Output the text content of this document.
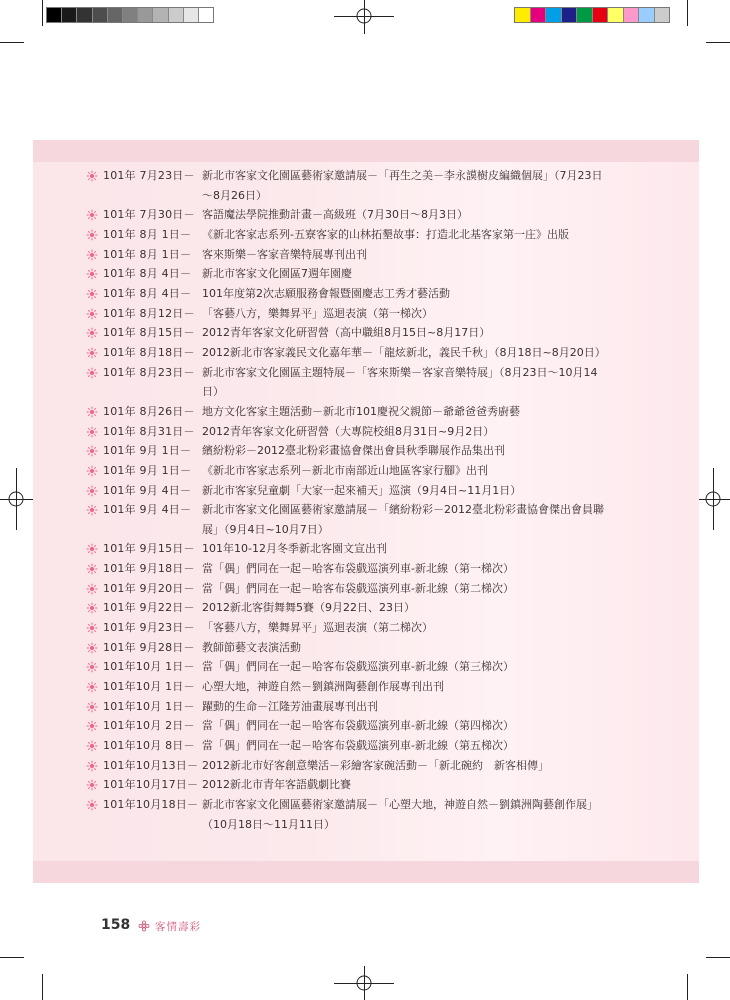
101年 7月23日－ 新北市客家文化園區藝術家邀請展－「再生之美－李永謨樹皮編織個展」（7月23日～8月26日）
101年 7月30日－ 客語魔法學院推動計畫－高級班（7月30日～8月3日）
101年 8月 1日－ 《新北客家志系列-五寮客家的山林拓墾故事：打造北北基客家第一庄》出版
101年 8月 1日－ 客來斯樂－客家音樂特展專刊出刊
101年 8月 4日－ 新北市客家文化園區7週年園慶
101年 8月 4日－ 101年度第2次志願服務會報暨園慶志工秀才藝活動
101年 8月12日－ 「客藝八方，樂舞昇平」巡迴表演（第一梯次）
101年 8月15日－ 2012青年客家文化研習營（高中職組8月15日~8月17日）
101年 8月18日－ 2012新北市客家義民文化嘉年華－「龍炫新北，義民千秋」（8月18日~8月20日）
101年 8月23日－ 新北市客家文化園區主題特展－「客來斯樂－客家音樂特展」（8月23日～10月14日）
101年 8月26日－ 地方文化客家主題活動－新北市101慶祝父親節－爺爺爸爸秀廚藝
101年 8月31日－ 2012青年客家文化研習營（大專院校組8月31日~9月2日）
101年 9月 1日－ 繽紛粉彩－2012臺北粉彩畫協會傑出會員秋季聯展作品集出刊
101年 9月 1日－ 《新北市客家志系列－新北市南部近山地區客家行腳》出刊
101年 9月 4日－ 新北市客家兒童劇「大家一起來補天」巡演（9月4日~11月1日）
101年 9月 4日－ 新北市客家文化園區藝術家邀請展－「繽紛粉彩－2012臺北粉彩畫協會傑出會員聯展」（9月4日~10月7日）
101年 9月15日－ 101年10-12月冬季新北客園文宣出刊
101年 9月18日－ 當「偶」們同在一起－哈客布袋戲巡演列車-新北線（第一梯次）
101年 9月20日－ 當「偶」們同在一起－哈客布袋戲巡演列車-新北線（第二梯次）
101年 9月22日－ 2012新北客街舞舞5賽（9月22日、23日）
101年 9月23日－ 「客藝八方，樂舞昇平」巡迴表演（第二梯次）
101年 9月28日－ 教師節藝文表演活動
101年10月 1日－ 當「偶」們同在一起－哈客布袋戲巡演列車-新北線（第三梯次）
101年10月 1日－ 心塑大地，神遊自然－劉鎮洲陶藝創作展專刊出刊
101年10月 1日－ 躍動的生命－江隆芳油畫展專刊出刊
101年10月 2日－ 當「偶」們同在一起－哈客布袋戲巡演列車-新北線（第四梯次）
101年10月 8日－ 當「偶」們同在一起－哈客布袋戲巡演列車-新北線（第五梯次）
101年10月13日－ 2012新北市好客創意樂活－彩繪客家碗活動－「新北碗約　新客相傳」
101年10月17日－ 2012新北市青年客語戲劇比賽
101年10月18日－ 新北市客家文化園區藝術家邀請展－「心塑大地，神遊自然－劉鎮洲陶藝創作展」（10月18日～11月11日）
158 客情壽彩
